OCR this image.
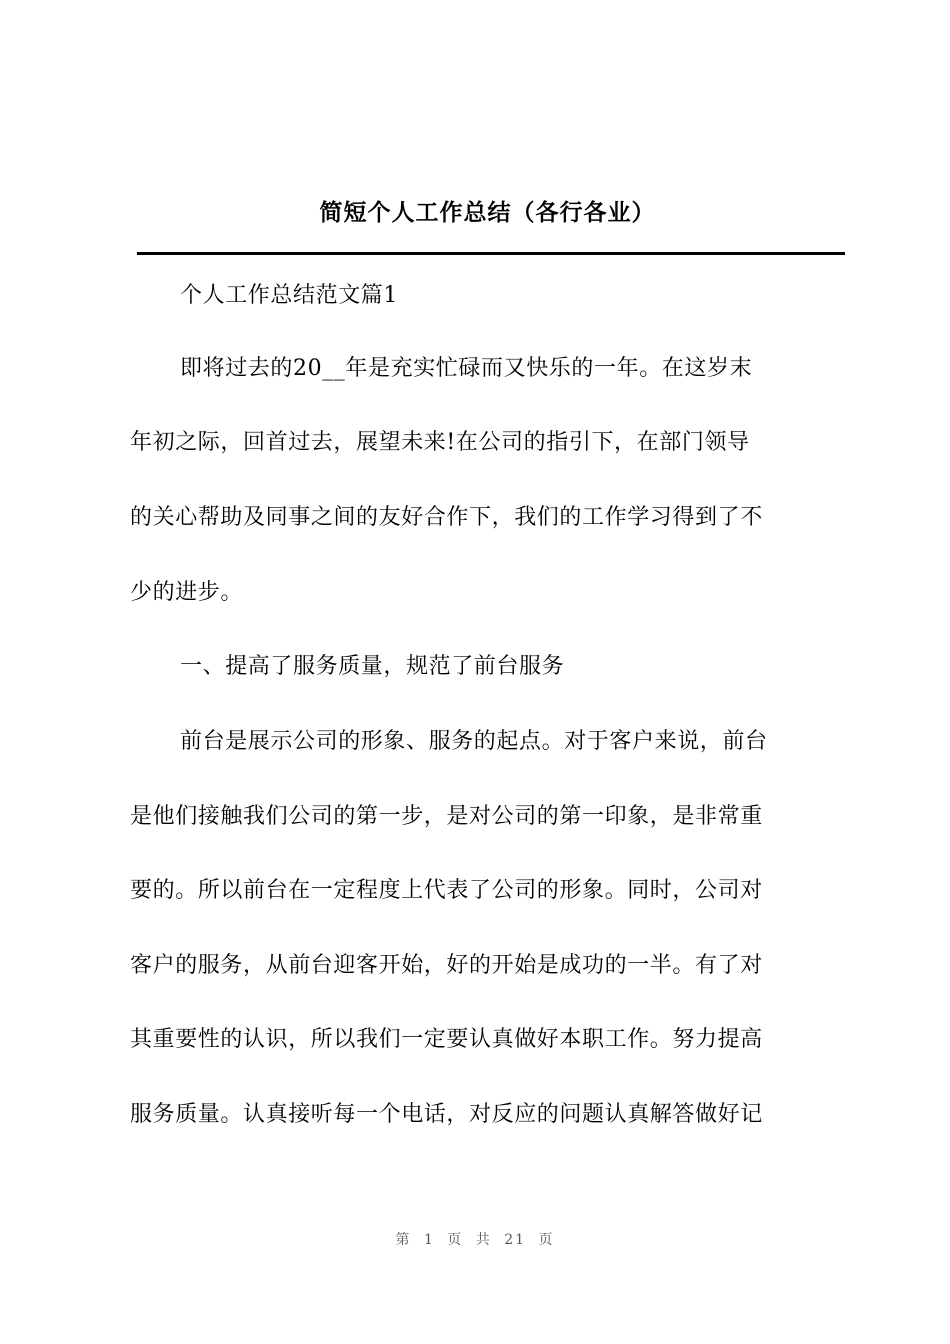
简短个人工作总结（各行各业）
个人工作总结范文篇1
即将过去的20__年是充实忙碌而又快乐的一年。在这岁末
年初之际，回首过去，展望未来!在公司的指引下，在部门领导
的关心帮助及同事之间的友好合作下，我们的工作学习得到了不
少的进步。
一、提高了服务质量，规范了前台服务
前台是展示公司的形象、服务的起点。对于客户来说，前台
是他们接触我们公司的第一步，是对公司的第一印象，是非常重
要的。所以前台在一定程度上代表了公司的形象。同时，公司对
客户的服务，从前台迎客开始，好的开始是成功的一半。有了对
其重要性的认识，所以我们一定要认真做好本职工作。努力提高
服务质量。认真接听每一个电话，对反应的问题认真解答做好记
第 1 页 共 21 页
